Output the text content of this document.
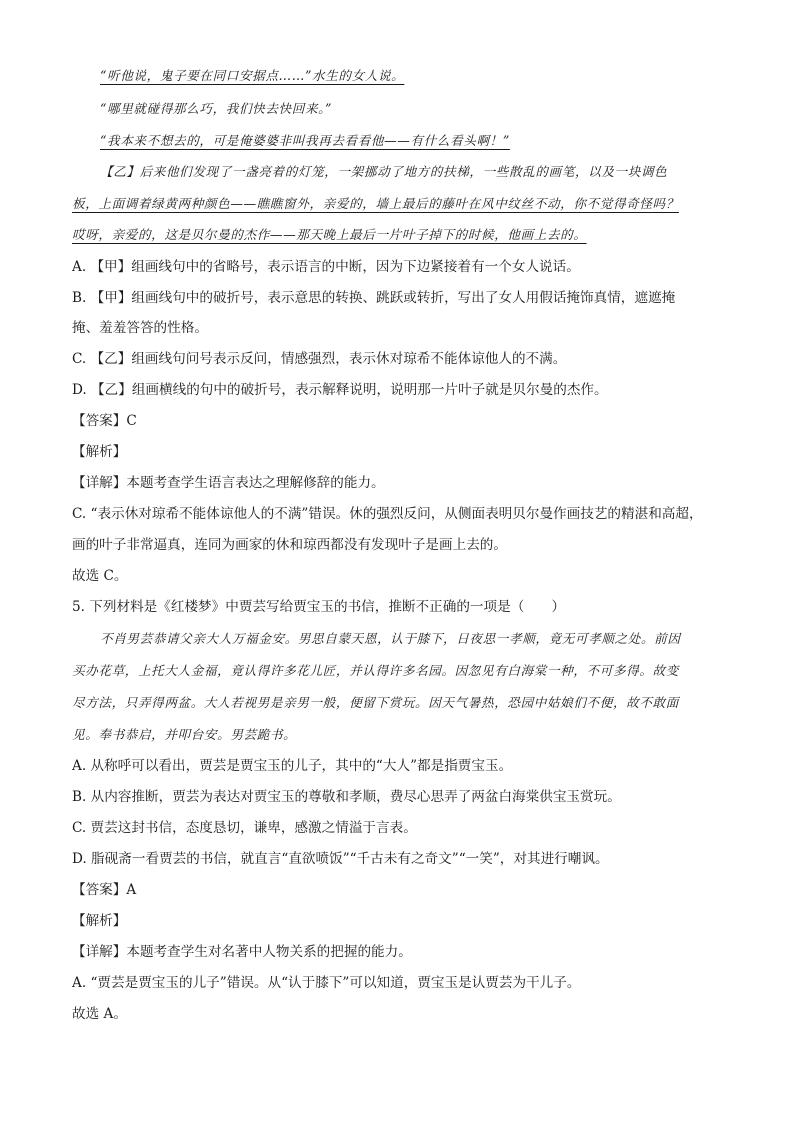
“听他说，鬼子要在同口安据点……”水生的女人说。
“哪里就碰得那么巧，我们快去快回来。”
“我本来不想去的，可是俺婆婆非叫我再去看看他——有什么看头啊！”
【乙】后来他们发现了一盏亮着的灯笼，一架挪动了地方的扶梯，一些散乱的画笔，以及一块调色
板，上面调着绿黄两种颜色——瞧瞧窗外，亲爱的，墙上最后的藤叶在风中纹丝不动，你不觉得奇怪吗？
哎呀，亲爱的，这是贝尔曼的杰作——那天晚上最后一片叶子掉下的时候，他画上去的。
A. 【甲】组画线句中的省略号，表示语言的中断，因为下边紧接着有一个女人说话。
B. 【甲】组画线句中的破折号，表示意思的转换、跳跃或转折，写出了女人用假话掩饰真情，遮遮掩
掩、羞羞答答的性格。
C. 【乙】组画线句问号表示反问，情感强烈，表示休对琼希不能体谅他人的不满。
D. 【乙】组画横线的句中的破折号，表示解释说明，说明那一片叶子就是贝尔曼的杰作。
【答案】C
【解析】
【详解】本题考查学生语言表达之理解修辞的能力。
C. “表示休对琼希不能体谅他人的不满”错误。休的强烈反问，从侧面表明贝尔曼作画技艺的精湛和高超，
画的叶子非常逼真，连同为画家的休和琼西都没有发现叶子是画上去的。
故选 C。
5. 下列材料是《红楼梦》中贾芸写给贾宝玉的书信，推断不正确的一项是（　　）
不肖男芸恭请父亲大人万福金安。男思自蒙天恩，认于膝下，日夜思一孝顺，竟无可孝顺之处。前因
买办花草，上托大人金福，竟认得许多花儿匠，并认得许多名园。因忽见有白海棠一种，不可多得。故变
尽方法，只弄得两盆。大人若视男是亲男一般，便留下赏玩。因天气暑热，恐园中姑娘们不便，故不敢面
见。奉书恭启，并叩台安。男芸跪书。
A. 从称呼可以看出，贾芸是贾宝玉的儿子，其中的“大人”都是指贾宝玉。
B. 从内容推断，贾芸为表达对贾宝玉的尊敬和孝顺，费尽心思弄了两盆白海棠供宝玉赏玩。
C. 贾芸这封书信，态度恳切，谦卑，感激之情溢于言表。
D. 脂砚斋一看贾芸的书信，就直言“直欲喷饭”“千古未有之奇文”“一笑”，对其进行嘲讽。
【答案】A
【解析】
【详解】本题考查学生对名著中人物关系的把握的能力。
A. “贾芸是贾宝玉的儿子”错误。从“认于膝下”可以知道，贾宝玉是认贾芸为干儿子。
故选 A。
